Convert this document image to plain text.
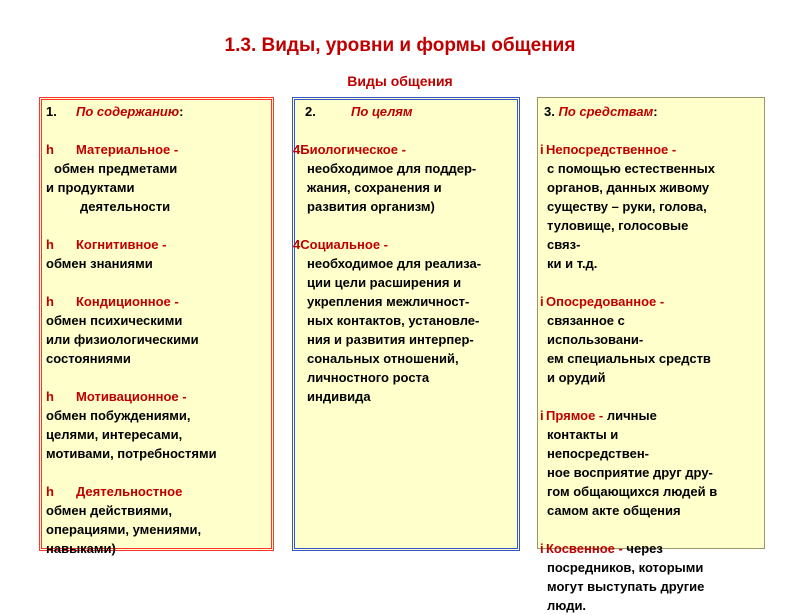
1.3. Виды, уровни и формы общения
Виды общения
1. По содержанию:
h Материальное -
обмен предметами
и продуктами
деятельности
h Когнитивное -
обмен знаниями
h Кондиционное -
обмен психическими
или физиологическими
состояниями
h Мотивационное -
обмен побуждениями,
целями, интересами,
мотивами, потребностями
h Деятельностное
обмен действиями,
операциями, умениями,
навыками)
2.	По целям
4Биологическое -
необходимое для поддер-
жания, сохранения и
развития организм)
4Социальное -
необходимое для реализа-
ции цели расширения и
укрепления межличност-
ных контактов, установле-
ния и развития интерпер-
сональных отношений,
личностного роста
индивида
3. По средствам:
i Непосредственное -
с помощью естественных
органов, данных живому
существу – руки, голова,
туловище, голосовые
связ-
ки и т.д.
i Опосредованное -
связанное с
использовани-
ем специальных средств
и орудий
i Прямое - личные
контакты и
непосредствен-
ное восприятие друг дру-
гом общающихся людей в
самом акте общения
i Косвенное - через
посредников, которыми
могут выступать другие
люди.
